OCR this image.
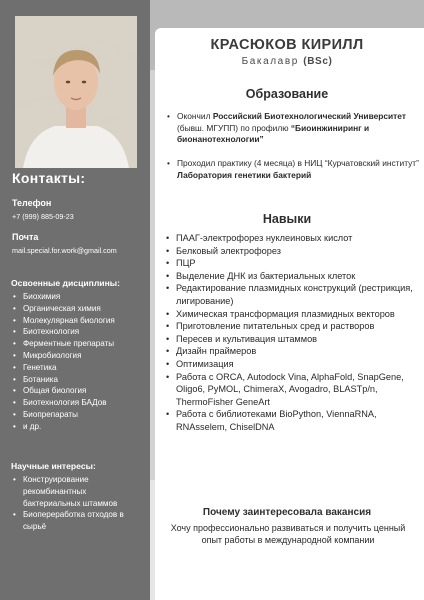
Контакты:
Телефон
+7 (999) 885-09-23
Почта
mail.special.for.work@gmail.com
Освоенные дисциплины:
• Биохимия
• Органическая химия
• Молекулярная биология
• Биотехнология
• Ферментные препараты
• Микробиология
• Генетика
• Ботаника
• Общая биология
• Биотехнология БАДов
• Биопрепараты
• и др.
Научные интересы:
• Конструирование рекомбинантных бактериальных штаммов
• Биопереработка отходов в сырьё
КРАСЮКОВ КИРИЛЛ
Бакалавр (BSc)
Образование
• Окончил Российский Биотехнологический Университет (бывш. МГУПП) по профилю “Биоинжиниринг и бионанотехнологии”
• Проходил практику (4 месяца) в НИЦ “Курчатовский институт” Лаборатория генетики бактерий
Навыки
• ПААГ-электрофорез нуклеиновых кислот
• Белковый электрофорез
• ПЦР
• Выделение ДНК из бактериальных клеток
• Редактирование плазмидных конструкций (рестрикция, лигирование)
• Химическая трансформация плазмидных векторов
• Приготовление питательных сред и растворов
• Пересев и культивация штаммов
• Дизайн праймеров
• Оптимизация
• Работа с ORCA, Autodock Vina, AlphaFold, SnapGene, Oligo6, PyMOL, ChimeraX, Avogadro, BLASTp/n, ThermoFisher GeneArt
• Работа с библиотеками BioPython, ViennaRNA, RNAsselem, ChiselDNA
Почему заинтересовала вакансия
Хочу профессионально развиваться и получить ценный опыт работы в международной компании
